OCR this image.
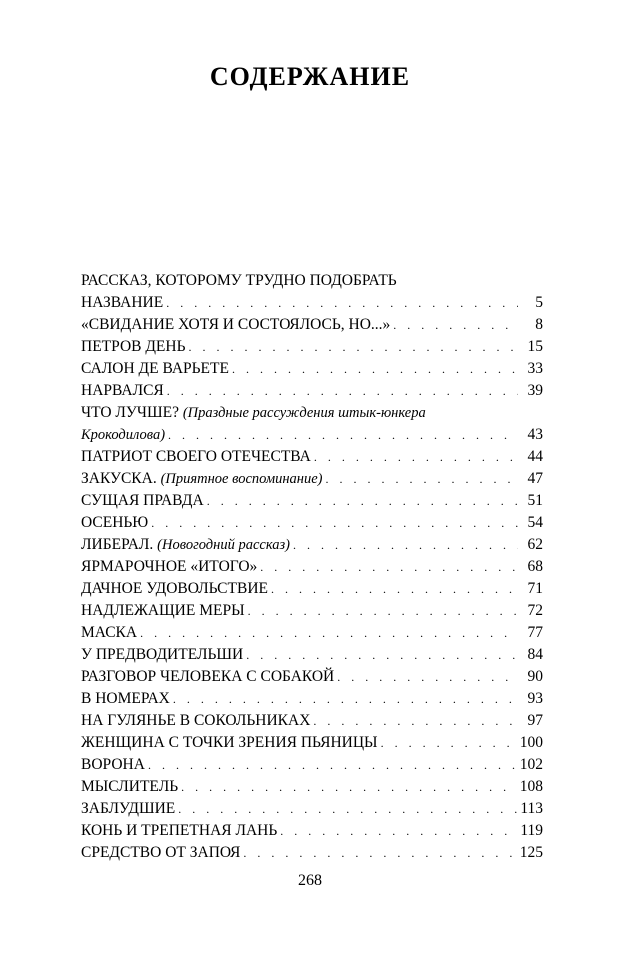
СОДЕРЖАНИЕ
РАССКАЗ, КОТОРОМУ ТРУДНО ПОДОБРАТЬ
НАЗВАНИЕ . . .	5
«СВИДАНИЕ ХОТЯ И СОСТОЯЛОСЬ, НО...» . . .	8
ПЕТРОВ ДЕНЬ . . .	15
САЛОН ДЕ ВАРЬЕТЕ . . .	33
НАРВАЛСЯ . . .	39
ЧТО ЛУЧШЕ? (Праздные рассуждения штык-юнкера
Крокодилова) . . .	43
ПАТРИОТ СВОЕГО ОТЕЧЕСТВА . . .	44
ЗАКУСКА.
(Приятное воспоминание) . . .	47
СУЩАЯ ПРАВДА . . .	51
ОСЕНЬЮ . . .	54
ЛИБЕРАЛ.
(Новогодний рассказ) . . .	62
ЯРМАРОЧНОЕ «ИТОГО» . . .	68
ДАЧНОЕ УДОВОЛЬСТВИЕ . . .	71
НАДЛЕЖАЩИЕ МЕРЫ . . .	72
МАСКА . . .	77
У ПРЕДВОДИТЕЛЬШИ . . .	84
РАЗГОВОР ЧЕЛОВЕКА С СОБАКОЙ . . .	90
В НОМЕРАХ . . .	93
НА ГУЛЯНЬЕ В СОКОЛЬНИКАХ . . .	97
ЖЕНЩИНА С ТОЧКИ ЗРЕНИЯ ПЬЯНИЦЫ . . .	100
ВОРОНА . . .	102
МЫСЛИТЕЛЬ . . .	108
ЗАБЛУДШИЕ . . .	113
КОНЬ И ТРЕПЕТНАЯ ЛАНЬ . . .	119
СРЕДСТВО ОТ ЗАПОЯ . . .	125
268
